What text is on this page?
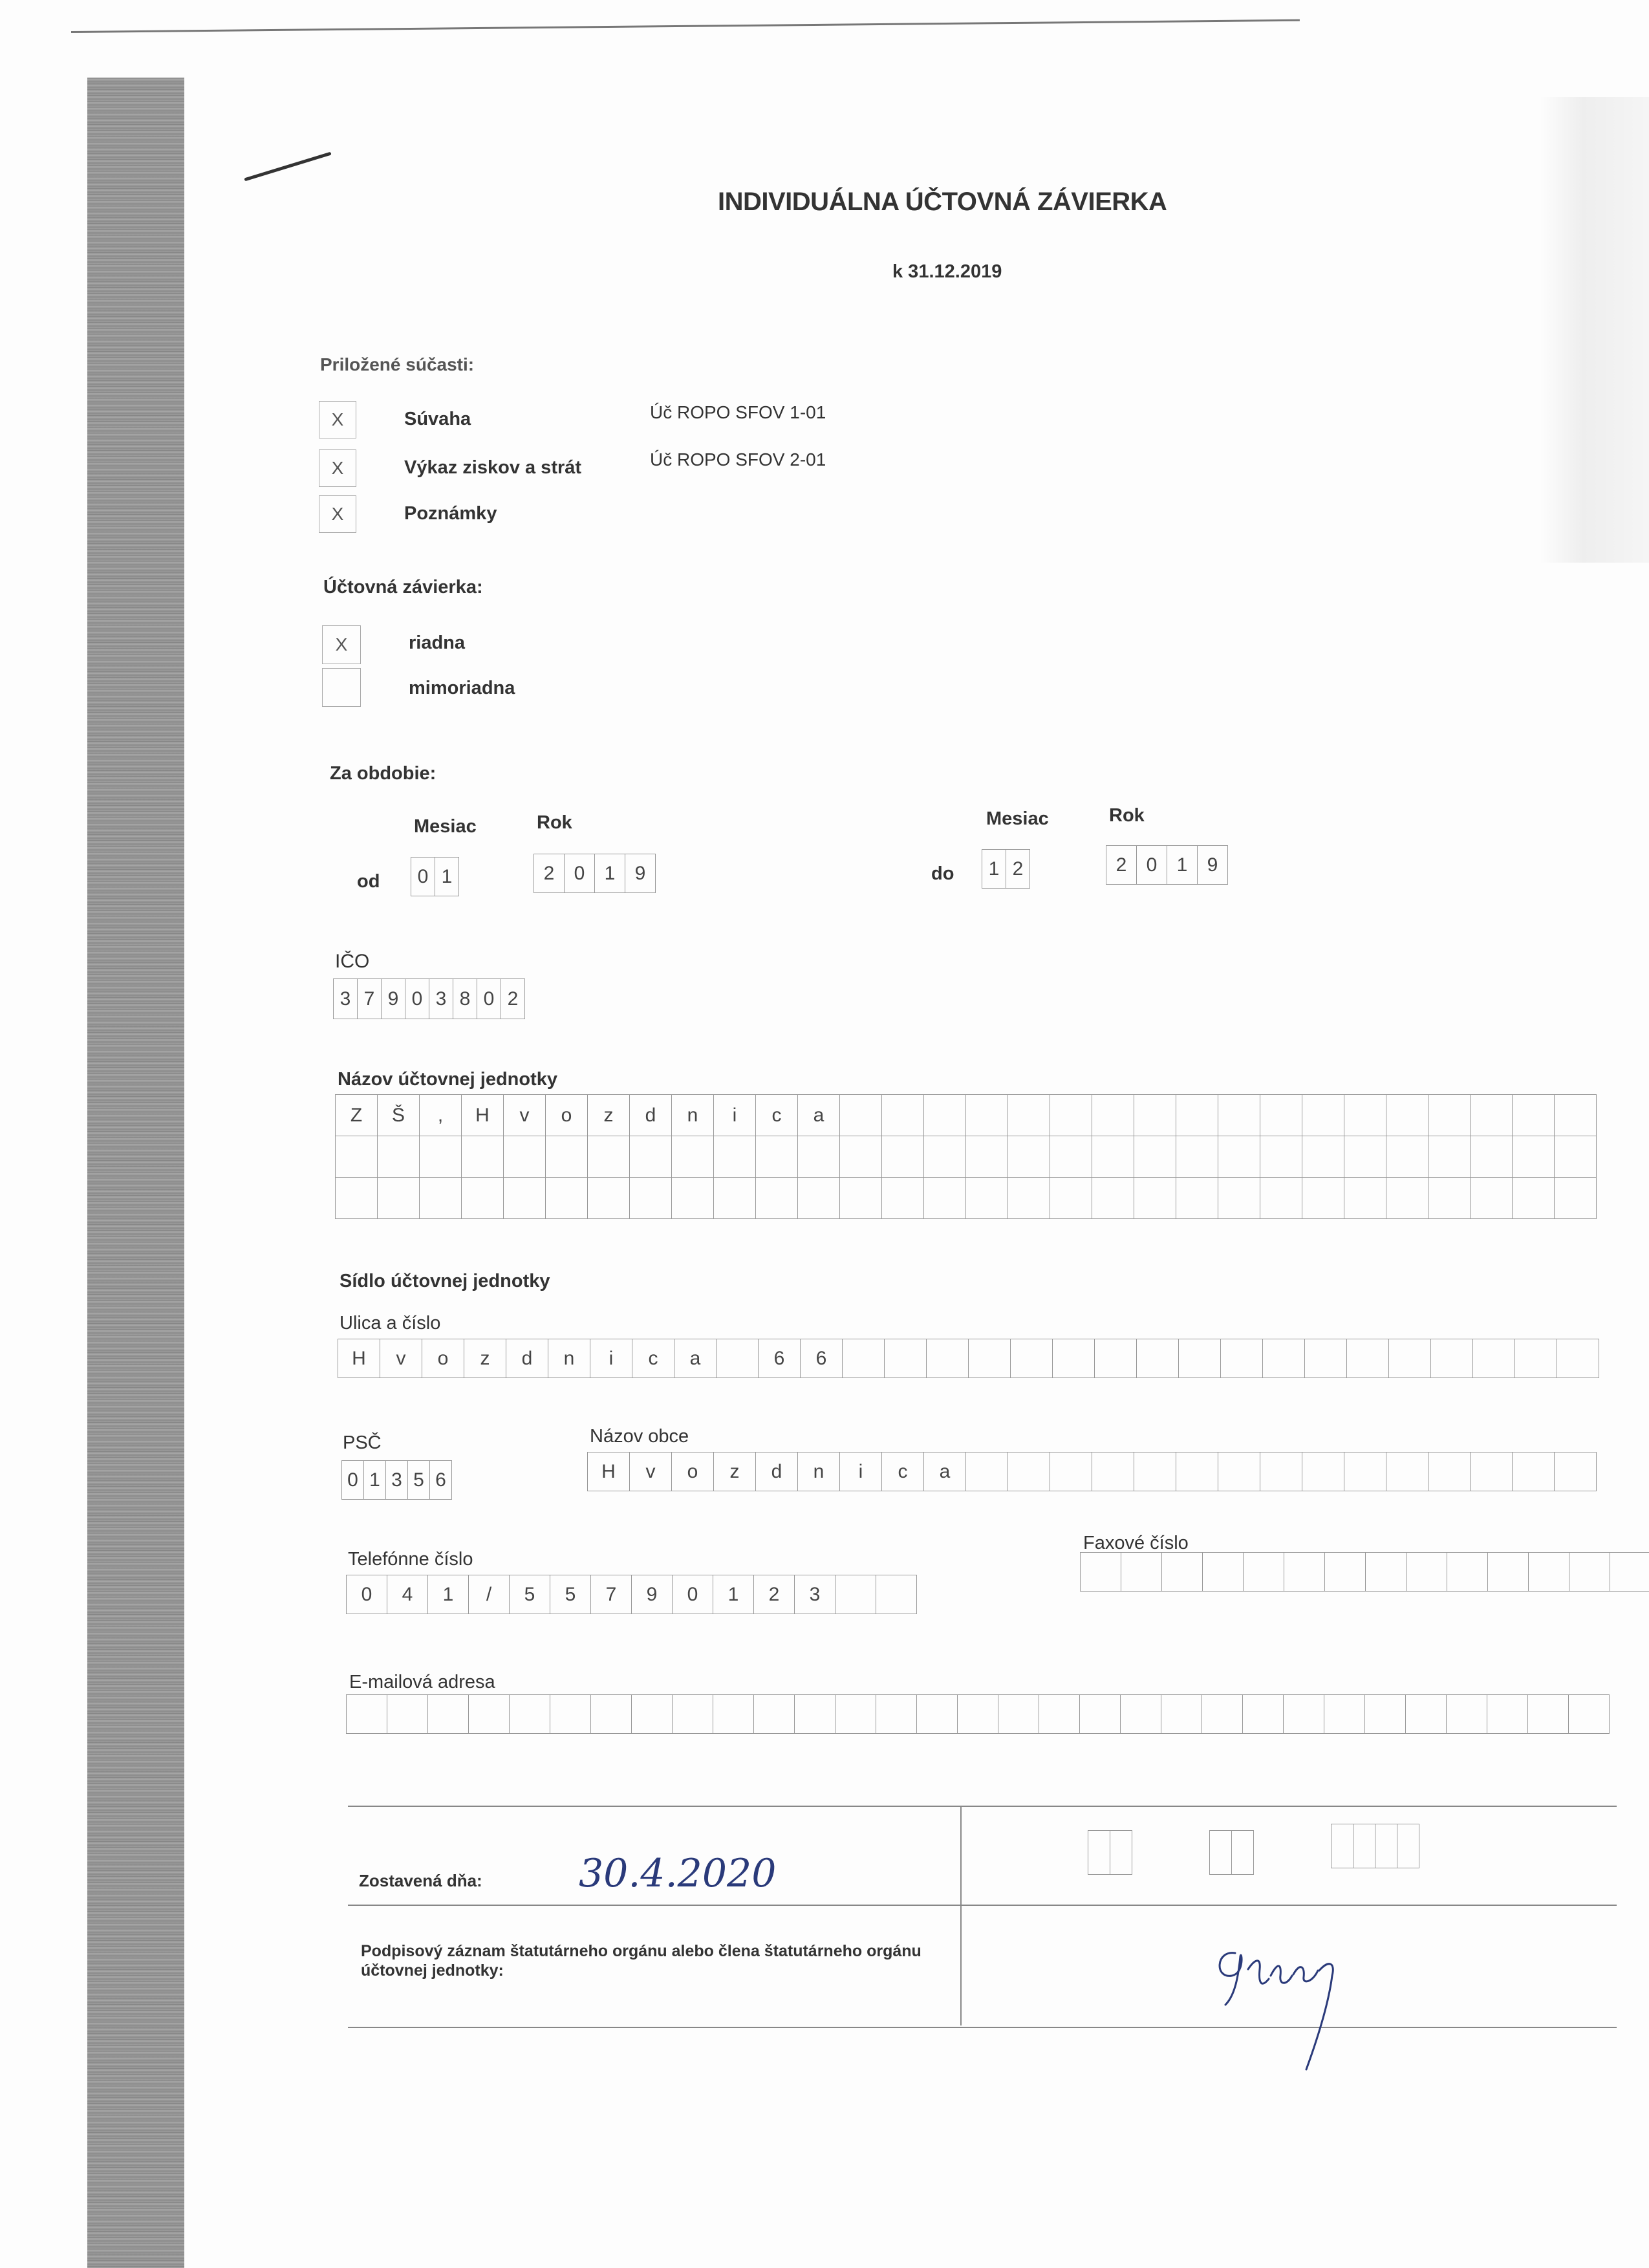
INDIVIDUÁLNA ÚČTOVNÁ ZÁVIERKA
k 31.12.2019
Priložené súčasti:
X	Súvaha	Úč ROPO SFOV 1-01
X	Výkaz ziskov a strát	Úč ROPO SFOV 2-01
X	Poznámky
Účtovná závierka:
X	riadna
mimoriadna
Za obdobie:
Mesiac	Rok
od	0 1	2	0	1	9
Mesiac	Rok
do	1 2	2	0	1	9
IČO
3 7 9 0 3 8 0 2
Názov účtovnej jednotky
Z	Š	,	H	v	o	z	d	n	i	c	a
Sídlo účtovnej jednotky
Ulica a číslo
H	v	o	z	d	n	i	c	a	6	6
PSČ
0 1 3 5 6
Názov obce
H	v	o	z	d	n	i	c	a
Telefónne číslo
0	4	1	/	5	5	7	9	0	1	2	3
Faxové číslo
E-mailová adresa
Zostavená dňa: 30.4.2020
Podpisový záznam štatutárneho orgánu alebo člena štatutárneho orgánu
účtovnej jednotky:
